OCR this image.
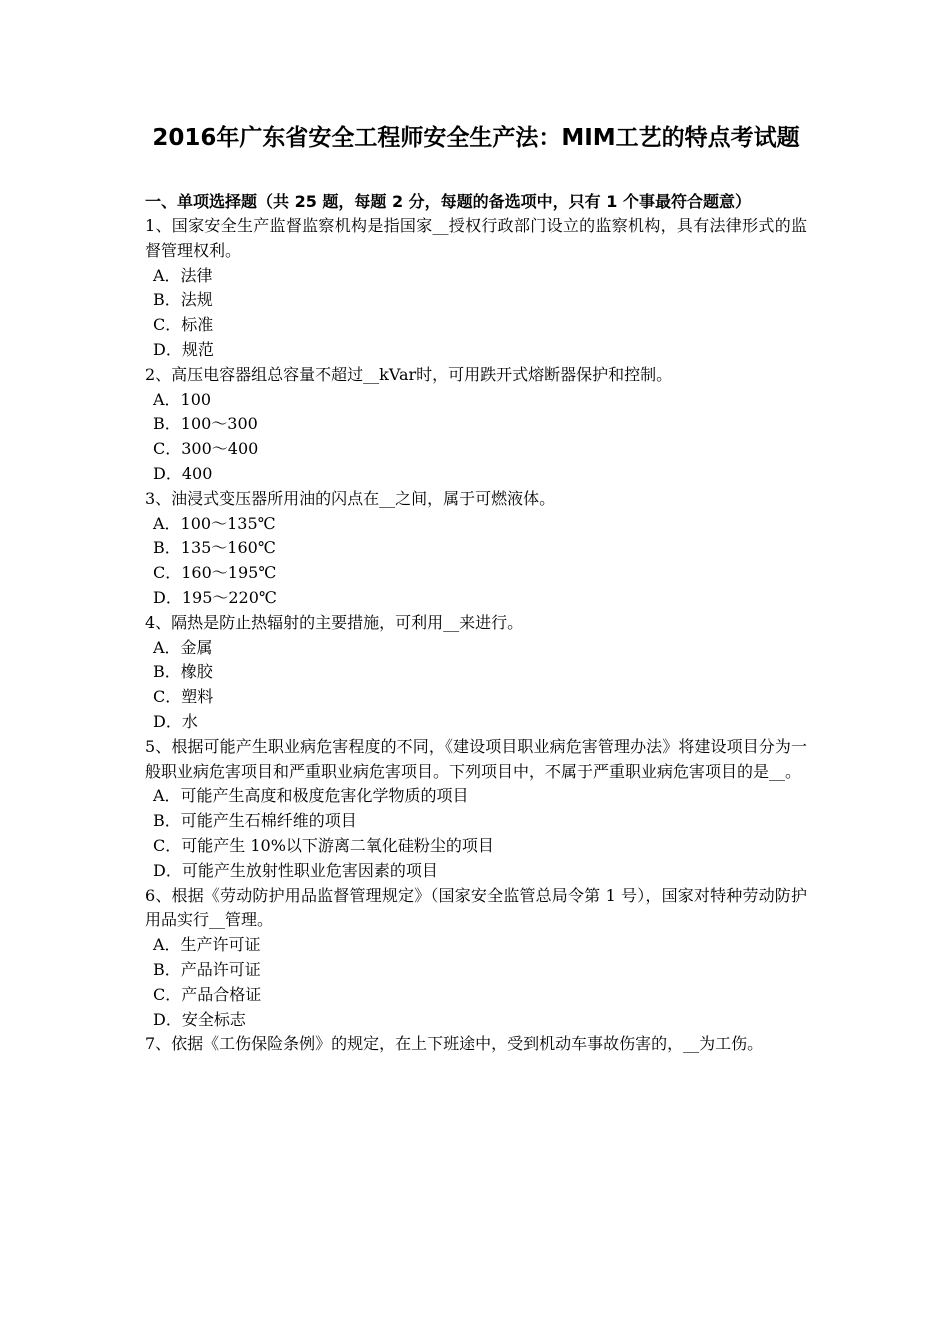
2016年广东省安全工程师安全生产法：MIM工艺的特点考试题

一、单项选择题（共 25 题，每题 2 分，每题的备选项中，只有 1 个事最符合题意）

1、国家安全生产监督监察机构是指国家__授权行政部门设立的监察机构，具有法律形式的监督管理权利。

A．法律

B．法规

C．标准

D．规范

2、高压电容器组总容量不超过__kVar时，可用跌开式熔断器保护和控制。

A．100

B．100～300

C．300～400

D．400

3、油浸式变压器所用油的闪点在__之间，属于可燃液体。

A．100～135℃

B．135～160℃

C．160～195℃

D．195～220℃

4、隔热是防止热辐射的主要措施，可利用__来进行。

A．金属

B．橡胶

C．塑料

D．水

5、根据可能产生职业病危害程度的不同，《建设项目职业病危害管理办法》将建设项目分为一般职业病危害项目和严重职业病危害项目。下列项目中，不属于严重职业病危害项目的是__。

A．可能产生高度和极度危害化学物质的项目

B．可能产生石棉纤维的项目

C．可能产生 10%以下游离二氧化硅粉尘的项目

D．可能产生放射性职业危害因素的项目

6、根据《劳动防护用品监督管理规定》（国家安全监管总局令第 1 号），国家对特种劳动防护用品实行__管理。

A．生产许可证

B．产品许可证

C．产品合格证

D．安全标志

7、依据《工伤保险条例》的规定，在上下班途中，受到机动车事故伤害的，__为工伤。
